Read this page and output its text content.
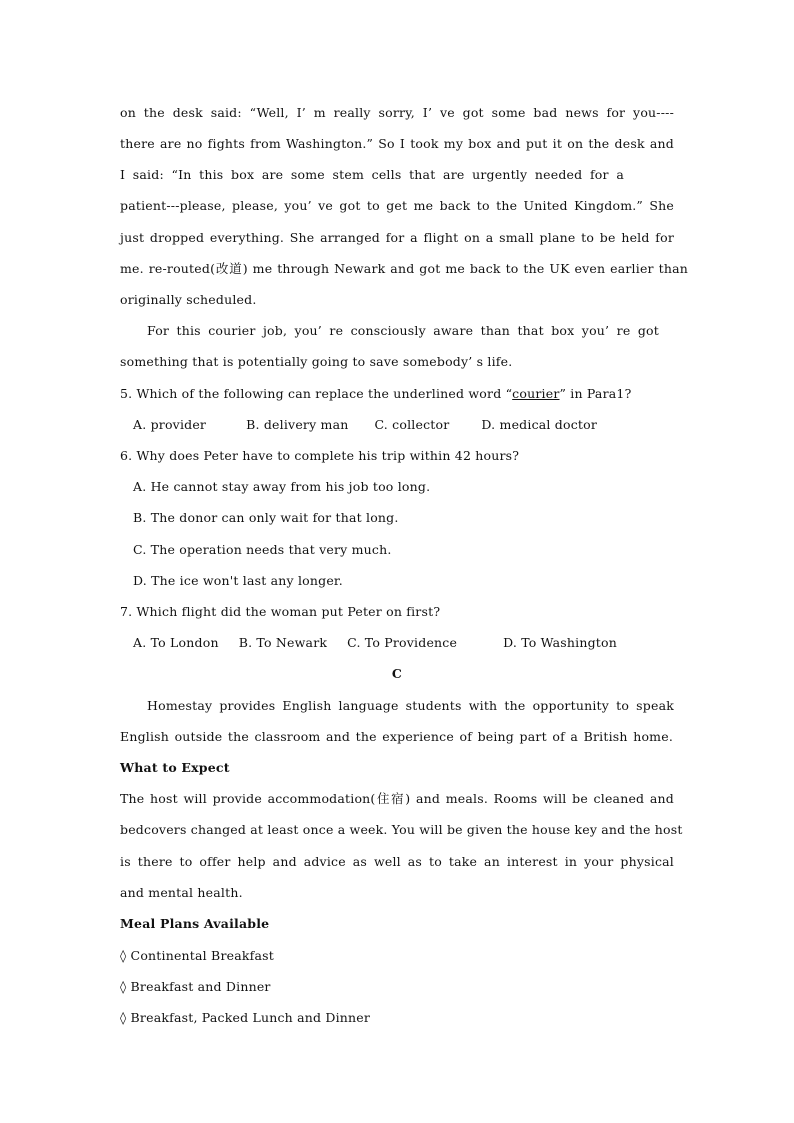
on the desk said: “Well, I’ m really sorry, I’ ve got some bad news for you----
there are no fights from Washington.” So I took my box and put it on the desk and
I said: “In this box are some stem cells that are urgently needed for a
patient---please, please, you’ ve got to get me back to the United Kingdom.” She
just dropped everything. She arranged for a flight on a small plane to be held for
me. re-routed(改道) me through Newark and got me back to the UK even earlier than
originally scheduled.
For this courier job, you’ re consciously aware than that box you’ re got
something that is potentially going to save somebody’ s life.
5. Which of the following can replace the underlined word “courier” in Para1?
A. provider	B. delivery man C. collector	D. medical doctor
6. Why does Peter have to complete his trip within 42 hours?
A. He cannot stay away from his job too long.
B. The donor can only wait for that long.
C. The operation needs that very much.
D. The ice won't last any longer.
7. Which flight did the woman put Peter on first?
A. To London B. To Newark C. To Providence	D. To Washington
C
Homestay provides English language students with the opportunity to speak
English outside the classroom and the experience of being part of a British home.
What to Expect
The host will provide accommodation(住宿) and meals. Rooms will be cleaned and
bedcovers changed at least once a week. You will be given the house key and the host
is there to offer help and advice as well as to take an interest in your physical
and mental health.
Meal Plans Available
◊ Continental Breakfast
◊ Breakfast and Dinner
◊ Breakfast, Packed Lunch and Dinner
